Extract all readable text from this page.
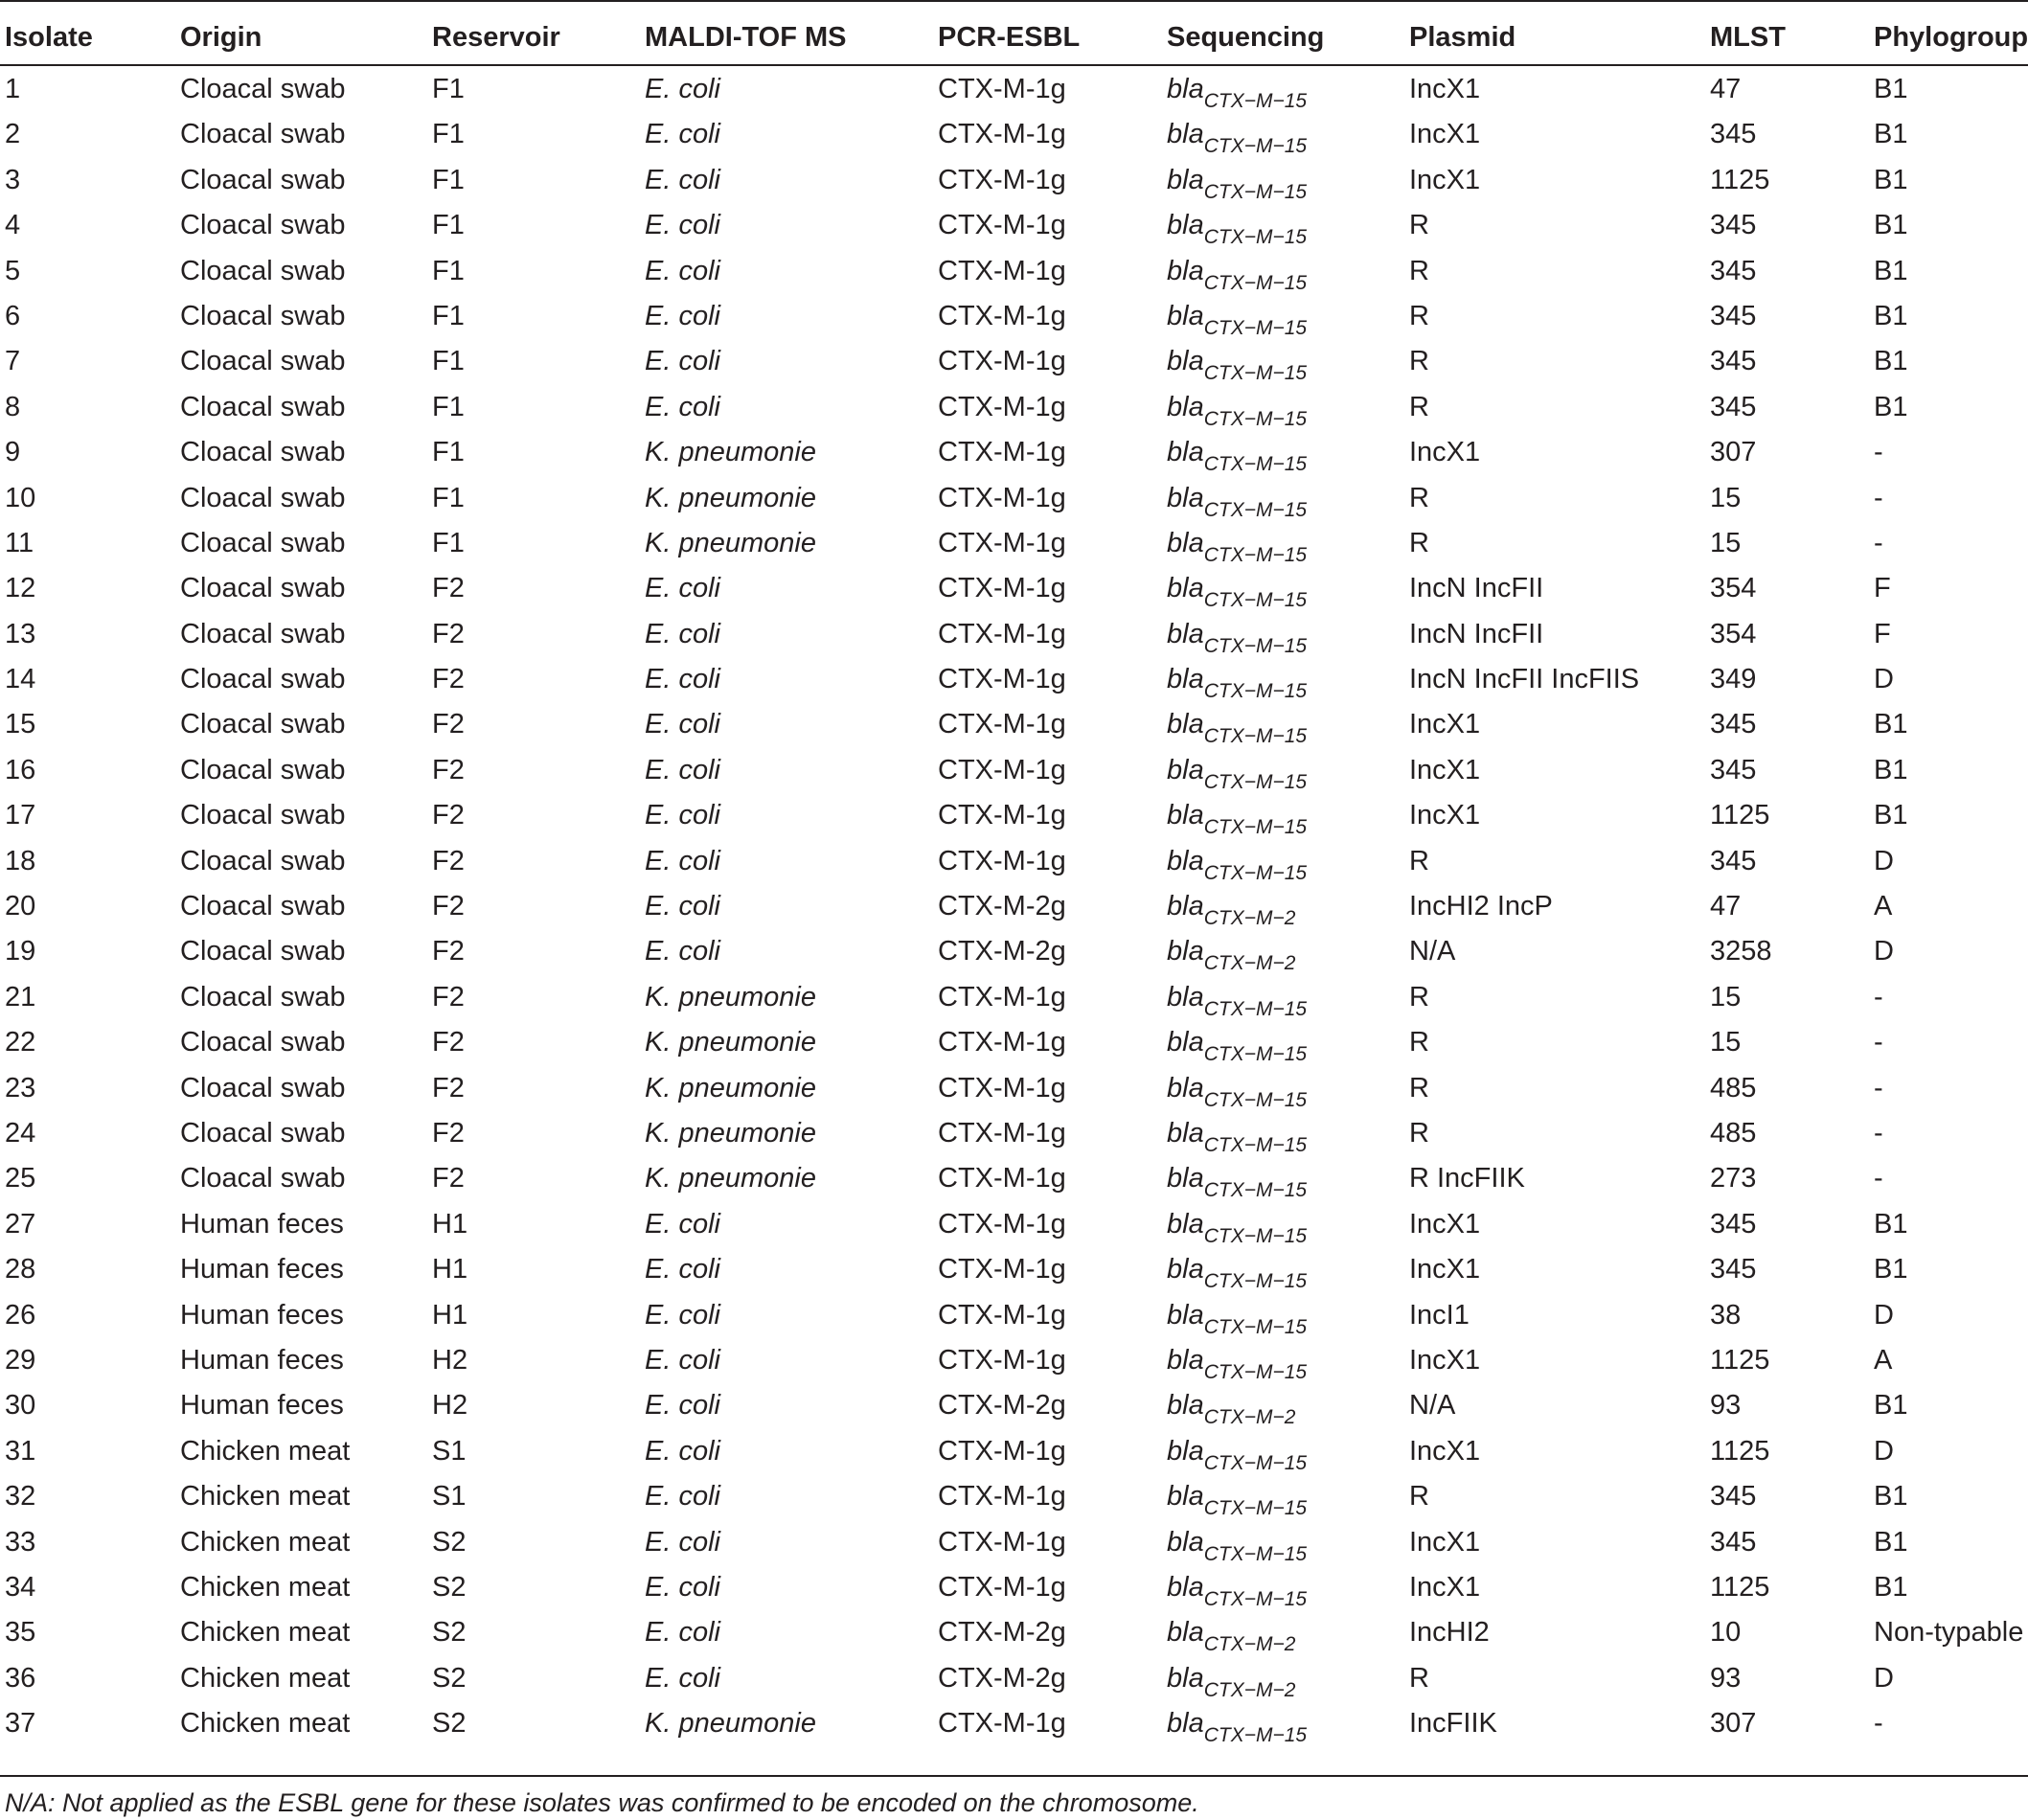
Isolate	Origin	Reservoir	MALDI-TOF MS	PCR-ESBL	Sequencing	Plasmid	MLST	Phylogroup
1	Cloacal swab	F1	E. coli	CTX-M-1g	bla$_{CTX-M-15}$	IncX1	47	B1
2	Cloacal swab	F1	E. coli	CTX-M-1g	bla$_{CTX-M-15}$	IncX1	345	B1
3	Cloacal swab	F1	E. coli	CTX-M-1g	bla$_{CTX-M-15}$	IncX1	1125	B1
4	Cloacal swab	F1	E. coli	CTX-M-1g	bla$_{CTX-M-15}$	R	345	B1
5	Cloacal swab	F1	E. coli	CTX-M-1g	bla$_{CTX-M-15}$	R	345	B1
6	Cloacal swab	F1	E. coli	CTX-M-1g	bla$_{CTX-M-15}$	R	345	B1
7	Cloacal swab	F1	E. coli	CTX-M-1g	bla$_{CTX-M-15}$	R	345	B1
8	Cloacal swab	F1	E. coli	CTX-M-1g	bla$_{CTX-M-15}$	R	345	B1
9	Cloacal swab	F1	K. pneumonie	CTX-M-1g	bla$_{CTX-M-15}$	IncX1	307	-
10	Cloacal swab	F1	K. pneumonie	CTX-M-1g	bla$_{CTX-M-15}$	R	15	-
11	Cloacal swab	F1	K. pneumonie	CTX-M-1g	bla$_{CTX-M-15}$	R	15	-
12	Cloacal swab	F2	E. coli	CTX-M-1g	bla$_{CTX-M-15}$	IncN IncFII	354	F
13	Cloacal swab	F2	E. coli	CTX-M-1g	bla$_{CTX-M-15}$	IncN IncFII	354	F
14	Cloacal swab	F2	E. coli	CTX-M-1g	bla$_{CTX-M-15}$	IncN IncFII IncFIIS	349	D
15	Cloacal swab	F2	E. coli	CTX-M-1g	bla$_{CTX-M-15}$	IncX1	345	B1
16	Cloacal swab	F2	E. coli	CTX-M-1g	bla$_{CTX-M-15}$	IncX1	345	B1
17	Cloacal swab	F2	E. coli	CTX-M-1g	bla$_{CTX-M-15}$	IncX1	1125	B1
18	Cloacal swab	F2	E. coli	CTX-M-1g	bla$_{CTX-M-15}$	R	345	D
20	Cloacal swab	F2	E. coli	CTX-M-2g	bla$_{CTX-M-2}$	IncHI2 IncP	47	A
19	Cloacal swab	F2	E. coli	CTX-M-2g	bla$_{CTX-M-2}$	N/A	3258	D
21	Cloacal swab	F2	K. pneumonie	CTX-M-1g	bla$_{CTX-M-15}$	R	15	-
22	Cloacal swab	F2	K. pneumonie	CTX-M-1g	bla$_{CTX-M-15}$	R	15	-
23	Cloacal swab	F2	K. pneumonie	CTX-M-1g	bla$_{CTX-M-15}$	R	485	-
24	Cloacal swab	F2	K. pneumonie	CTX-M-1g	bla$_{CTX-M-15}$	R	485	-
25	Cloacal swab	F2	K. pneumonie	CTX-M-1g	bla$_{CTX-M-15}$	R IncFIIK	273	-
27	Human feces	H1	E. coli	CTX-M-1g	bla$_{CTX-M-15}$	IncX1	345	B1
28	Human feces	H1	E. coli	CTX-M-1g	bla$_{CTX-M-15}$	IncX1	345	B1
26	Human feces	H1	E. coli	CTX-M-1g	bla$_{CTX-M-15}$	IncI1	38	D
29	Human feces	H2	E. coli	CTX-M-1g	bla$_{CTX-M-15}$	IncX1	1125	A
30	Human feces	H2	E. coli	CTX-M-2g	bla$_{CTX-M-2}$	N/A	93	B1
31	Chicken meat	S1	E. coli	CTX-M-1g	bla$_{CTX-M-15}$	IncX1	1125	D
32	Chicken meat	S1	E. coli	CTX-M-1g	bla$_{CTX-M-15}$	R	345	B1
33	Chicken meat	S2	E. coli	CTX-M-1g	bla$_{CTX-M-15}$	IncX1	345	B1
34	Chicken meat	S2	E. coli	CTX-M-1g	bla$_{CTX-M-15}$	IncX1	1125	B1
35	Chicken meat	S2	E. coli	CTX-M-2g	bla$_{CTX-M-2}$	IncHI2	10	Non-typable
36	Chicken meat	S2	E. coli	CTX-M-2g	bla$_{CTX-M-2}$	R	93	D
37	Chicken meat	S2	K. pneumonie	CTX-M-1g	bla$_{CTX-M-15}$	IncFIIK	307	-
N/A: Not applied as the ESBL gene for these isolates was confirmed to be encoded on the chromosome.
